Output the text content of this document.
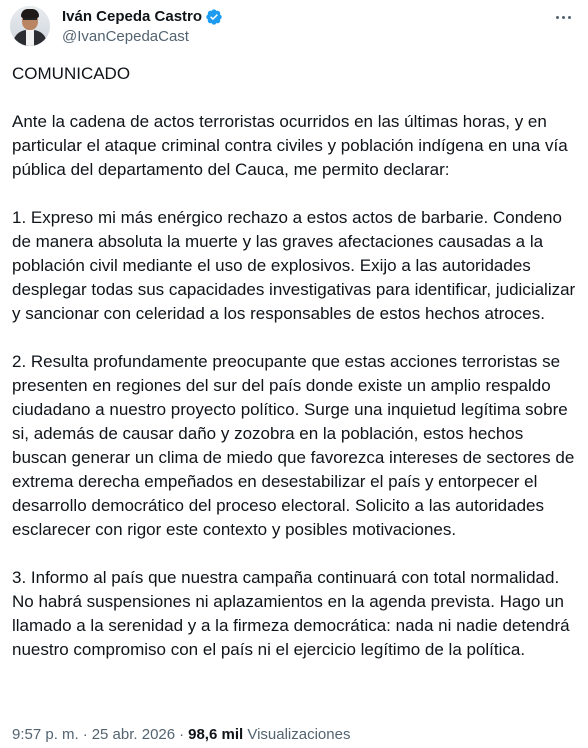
Iván Cepeda Castro
@IvanCepedaCast

COMUNICADO

Ante la cadena de actos terroristas ocurridos en las últimas horas, y en particular el ataque criminal contra civiles y población indígena en una vía pública del departamento del Cauca, me permito declarar:

1. Expreso mi más enérgico rechazo a estos actos de barbarie. Condeno de manera absoluta la muerte y las graves afectaciones causadas a la población civil mediante el uso de explosivos. Exijo a las autoridades desplegar todas sus capacidades investigativas para identificar, judicializar y sancionar con celeridad a los responsables de estos hechos atroces.

2. Resulta profundamente preocupante que estas acciones terroristas se presenten en regiones del sur del país donde existe un amplio respaldo ciudadano a nuestro proyecto político. Surge una inquietud legítima sobre si, además de causar daño y zozobra en la población, estos hechos buscan generar un clima de miedo que favorezca intereses de sectores de extrema derecha empeñados en desestabilizar el país y entorpecer el desarrollo democrático del proceso electoral. Solicito a las autoridades esclarecer con rigor este contexto y posibles motivaciones.

3. Informo al país que nuestra campaña continuará con total normalidad. No habrá suspensiones ni aplazamientos en la agenda prevista. Hago un llamado a la serenidad y a la firmeza democrática: nada ni nadie detendrá nuestro compromiso con el país ni el ejercicio legítimo de la política.

9:57 p. m. · 25 abr. 2026 · 98,6 mil Visualizaciones
